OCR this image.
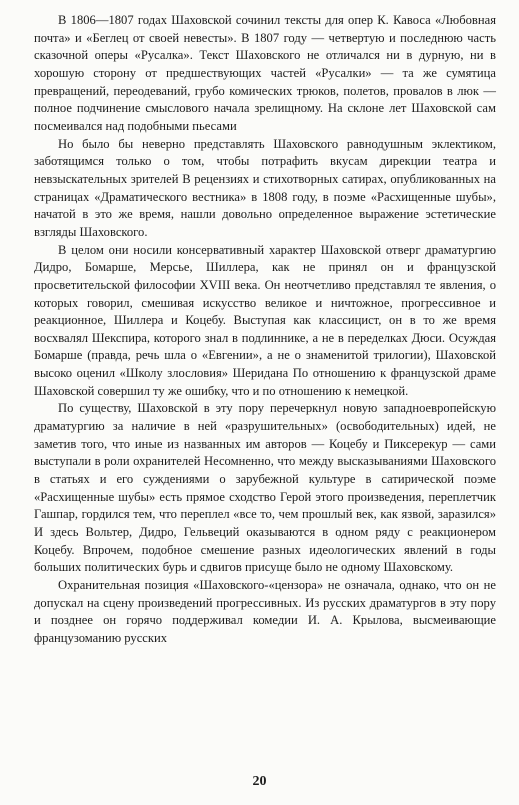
В 1806—1807 годах Шаховской сочинил тексты для опер К. Кавоса «Любовная почта» и «Беглец от своей невесты». В 1807 году — четвертую и последнюю часть сказочной оперы «Русалка». Текст Шаховского не отличался ни в дурную, ни в хорошую сторону от предшествующих частей «Русалки» — та же сумятица превращений, переодеваний, грубо комических трюков, полетов, провалов в люк — полное подчинение смыслового начала зрелищному. На склоне лет Шаховской сам посмеивался над подобными пьесами

Но было бы неверно представлять Шаховского равнодушным эклектиком, заботящимся только о том, чтобы потрафить вкусам дирекции театра и невзыскательных зрителей В рецензиях и стихотворных сатирах, опубликованных на страницах «Драматического вестника» в 1808 году, в поэме «Расхищенные шубы», начатой в это же время, нашли довольно определенное выражение эстетические взгляды Шаховского.

В целом они носили консервативный характер Шаховской отверг драматургию Дидро, Бомарше, Мерсье, Шиллера, как не принял он и французской просветительской философии XVIII века. Он неотчетливо представлял те явления, о которых говорил, смешивая искусство великое и ничтожное, прогрессивное и реакционное, Шиллера и Коцебу. Выступая как классицист, он в то же время восхвалял Шекспира, которого знал в подлиннике, а не в переделках Дюси. Осуждая Бомарше (правда, речь шла о «Евгении», а не о знаменитой трилогии), Шаховской высоко оценил «Школу злословия» Шеридана По отношению к французской драме Шаховской совершил ту же ошибку, что и по отношению к немецкой.

По существу, Шаховской в эту пору перечеркнул новую западноевропейскую драматургию за наличие в ней «разрушительных» (освободительных) идей, не заметив того, что иные из названных им авторов — Коцебу и Пиксерекур — сами выступали в роли охранителей Несомненно, что между высказываниями Шаховского в статьях и его суждениями о зарубежной культуре в сатирической поэме «Расхищенные шубы» есть прямое сходство Герой этого произведения, переплетчик Гашпар, гордился тем, что переплел «все то, чем прошлый век, как язвой, заразился» И здесь Вольтер, Дидро, Гельвеций оказываются в одном ряду с реакционером Коцебу. Впрочем, подобное смешение разных идеологических явлений в годы больших политических бурь и сдвигов присуще было не одному Шаховскому.

Охранительная позиция «Шаховского-«цензора» не означала, однако, что он не допускал на сцену произведений прогрессивных. Из русских драматургов в эту пору и позднее он горячо поддерживал комедии И. А. Крылова, высмеивающие французоманию русских

20
